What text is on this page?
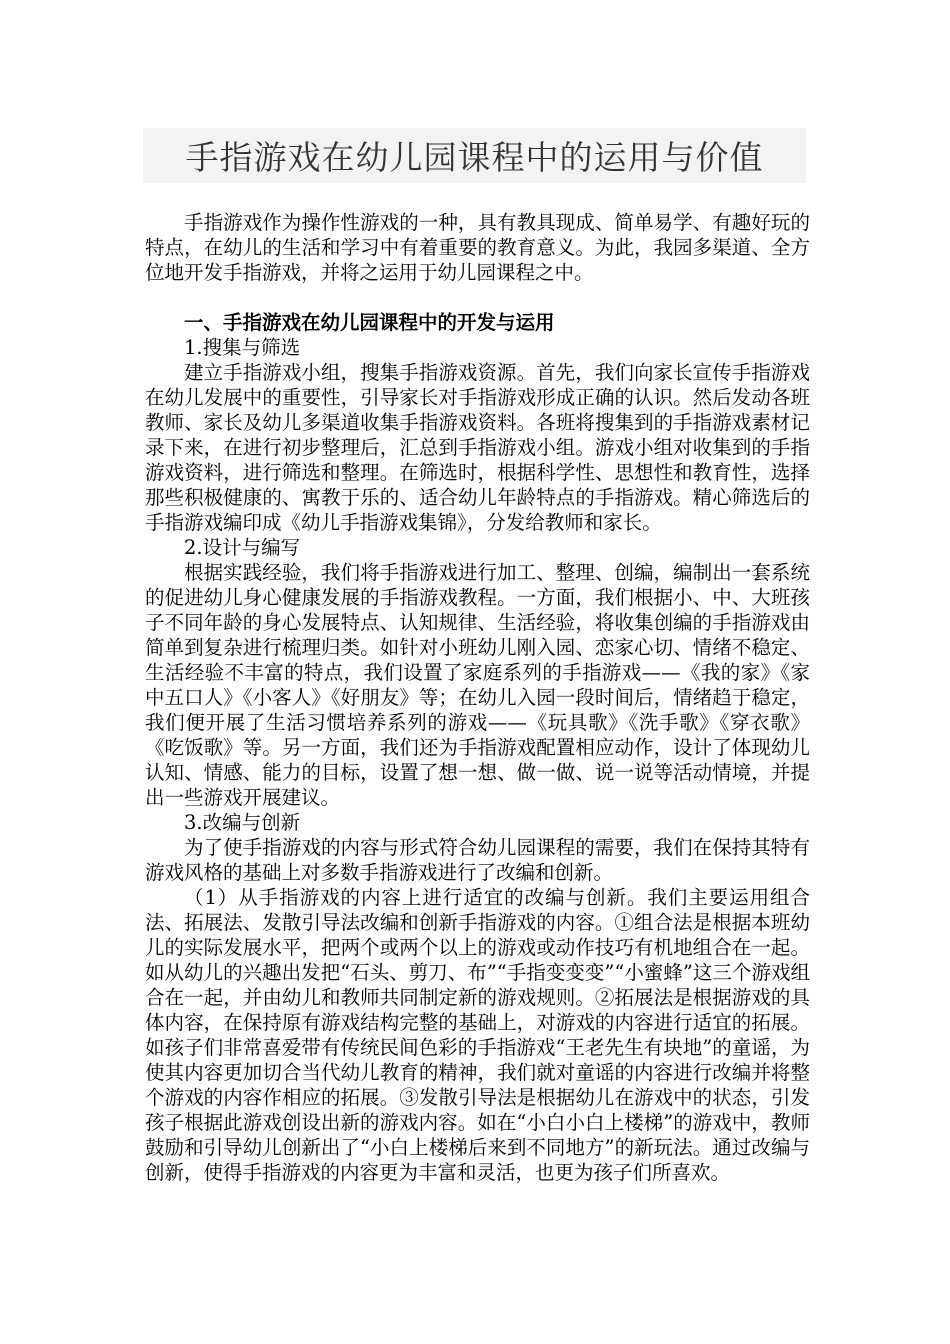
手指游戏在幼儿园课程中的运用与价值

手指游戏作为操作性游戏的一种，具有教具现成、简单易学、有趣好玩的特点，在幼儿的生活和学习中有着重要的教育意义。为此，我园多渠道、全方位地开发手指游戏，并将之运用于幼儿园课程之中。

一、手指游戏在幼儿园课程中的开发与运用

1.搜集与筛选

建立手指游戏小组，搜集手指游戏资源。首先，我们向家长宣传手指游戏在幼儿发展中的重要性，引导家长对手指游戏形成正确的认识。然后发动各班教师、家长及幼儿多渠道收集手指游戏资料。各班将搜集到的手指游戏素材记录下来，在进行初步整理后，汇总到手指游戏小组。游戏小组对收集到的手指游戏资料，进行筛选和整理。在筛选时，根据科学性、思想性和教育性，选择那些积极健康的、寓教于乐的、适合幼儿年龄特点的手指游戏。精心筛选后的手指游戏编印成《幼儿手指游戏集锦》，分发给教师和家长。

2.设计与编写

根据实践经验，我们将手指游戏进行加工、整理、创编，编制出一套系统的促进幼儿身心健康发展的手指游戏教程。一方面，我们根据小、中、大班孩子不同年龄的身心发展特点、认知规律、生活经验，将收集创编的手指游戏由简单到复杂进行梳理归类。如针对小班幼儿刚入园、恋家心切、情绪不稳定、生活经验不丰富的特点，我们设置了家庭系列的手指游戏——《我的家》《家中五口人》《小客人》《好朋友》等；在幼儿入园一段时间后，情绪趋于稳定，我们便开展了生活习惯培养系列的游戏——《玩具歌》《洗手歌》《穿衣歌》《吃饭歌》等。另一方面，我们还为手指游戏配置相应动作，设计了体现幼儿认知、情感、能力的目标，设置了想一想、做一做、说一说等活动情境，并提出一些游戏开展建议。

3.改编与创新

为了使手指游戏的内容与形式符合幼儿园课程的需要，我们在保持其特有游戏风格的基础上对多数手指游戏进行了改编和创新。

（1）从手指游戏的内容上进行适宜的改编与创新。我们主要运用组合法、拓展法、发散引导法改编和创新手指游戏的内容。①组合法是根据本班幼儿的实际发展水平，把两个或两个以上的游戏或动作技巧有机地组合在一起。如从幼儿的兴趣出发把“石头、剪刀、布”“手指变变变”“小蜜蜂”这三个游戏组合在一起，并由幼儿和教师共同制定新的游戏规则。②拓展法是根据游戏的具体内容，在保持原有游戏结构完整的基础上，对游戏的内容进行适宜的拓展。如孩子们非常喜爱带有传统民间色彩的手指游戏“王老先生有块地”的童谣，为使其内容更加切合当代幼儿教育的精神，我们就对童谣的内容进行改编并将整个游戏的内容作相应的拓展。③发散引导法是根据幼儿在游戏中的状态，引发孩子根据此游戏创设出新的游戏内容。如在“小白小白上楼梯”的游戏中，教师鼓励和引导幼儿创新出了“小白上楼梯后来到不同地方”的新玩法。通过改编与创新，使得手指游戏的内容更为丰富和灵活，也更为孩子们所喜欢。
